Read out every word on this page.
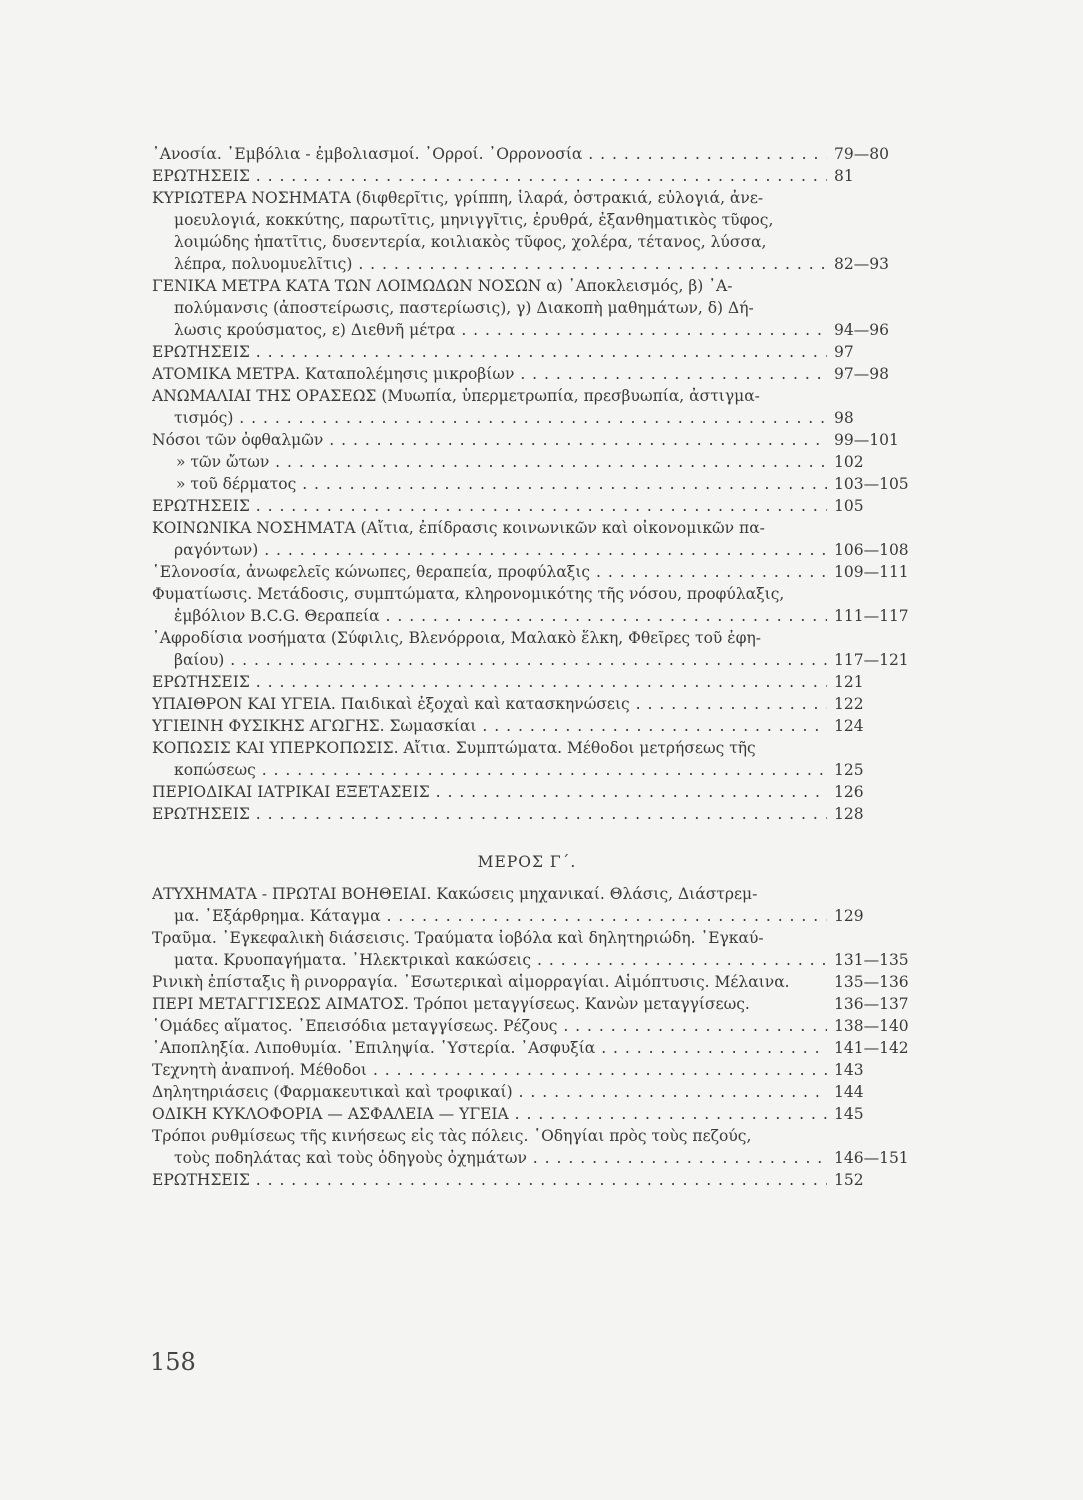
᾿Ανοσία. ᾿Εμβόλια - ἐμβολιασμοί. ᾿Ορροί. ᾿Ορρονοσία . . .	79—80
ΕΡΩΤΗΣΕΙΣ . . .	81
ΚΥΡΙΩΤΕΡΑ ΝΟΣΗΜΑΤΑ (διφθερῖτις, γρίππη, ἱλαρά, ὀστρακιά, εὐλογιά, ἀνε-
μοευλογιά, κοκκύτης, παρωτῖτις, μηνιγγῖτις, ἐρυθρά, ἐξανθηματικὸς τῦφος,
λοιμώδης ἡπατῖτις, δυσεντερία, κοιλιακὸς τῦφος, χολέρα, τέτανος, λύσσα,
λέπρα, πολυομυελῖτις) . . .	82—93
ΓΕΝΙΚΑ ΜΕΤΡΑ ΚΑΤΑ ΤΩΝ ΛΟΙΜΩΔΩΝ ΝΟΣΩΝ α) ᾿Αποκλεισμός, β) ᾿Α-
πολύμανσις (ἀποστείρωσις, παστερίωσις), γ) Διακοπὴ μαθημάτων, δ) Δή-
λωσις κρούσματος, ε) Διεθνῆ μέτρα . . .	94—96
ΕΡΩΤΗΣΕΙΣ . . .	97
ΑΤΟΜΙΚΑ ΜΕΤΡΑ. Καταπολέμησις μικροβίων . . .	97—98
ΑΝΩΜΑΛΙΑΙ ΤΗΣ ΟΡΑΣΕΩΣ (Μυωπία, ὑπερμετρωπία, πρεσβυωπία, ἀστιγμα-
τισμός) . . .	98
Νόσοι τῶν ὀφθαλμῶν . . .	99—101
» τῶν ὤτων . . .	102
» τοῦ δέρματος . . .	103—105
ΕΡΩΤΗΣΕΙΣ . . .	105
ΚΟΙΝΩΝΙΚΑ ΝΟΣΗΜΑΤΑ (Αἴτια, ἐπίδρασις κοινωνικῶν καὶ οἰκονομικῶν πα-
ραγόντων) . . .	106—108
῾Ελονοσία, ἀνωφελεῖς κώνωπες, θεραπεία, προφύλαξις . . .	109—111
Φυματίωσις. Μετάδοσις, συμπτώματα, κληρονομικότης τῆς νόσου, προφύλαξις,
ἐμβόλιον B.C.G. Θεραπεία . . .	111—117
᾿Αφροδίσια νοσήματα (Σύφιλις, Βλενόρροια, Μαλακὸ ἕλκη, Φθεῖρες τοῦ ἐφη-
βαίου) . . .	117—121
ΕΡΩΤΗΣΕΙΣ . . .	121
ΥΠΑΙΘΡΟΝ ΚΑΙ ΥΓΕΙΑ. Παιδικαὶ ἐξοχαὶ καὶ κατασκηνώσεις . . .	122
ΥΓΙΕΙΝΗ ΦΥΣΙΚΗΣ ΑΓΩΓΗΣ. Σωμασκίαι . . .	124
ΚΟΠΩΣΙΣ ΚΑΙ ΥΠΕΡΚΟΠΩΣΙΣ. Αἴτια. Συμπτώματα. Μέθοδοι μετρήσεως τῆς
κοπώσεως . . .	125
ΠΕΡΙΟΔΙΚΑΙ ΙΑΤΡΙΚΑΙ ΕΞΕΤΑΣΕΙΣ . . .	126
ΕΡΩΤΗΣΕΙΣ . . .	128
ΜΕΡΟΣ Γ΄.
ΑΤΥΧΗΜΑΤΑ - ΠΡΩΤΑΙ ΒΟΗΘΕΙΑΙ. Κακώσεις μηχανικαί. Θλάσις, Διάστρεμ-
μα. ᾿Εξάρθρημα. Κάταγμα . . .	129
Τραῦμα. ᾿Εγκεφαλικὴ διάσεισις. Τραύματα ἰοβόλα καὶ δηλητηριώδη. ᾿Εγκαύ-
ματα. Κρυοπαγήματα. ᾿Ηλεκτρικαὶ κακώσεις . . .	131—135
Ρινικὴ ἐπίσταξις ἢ ρινορραγία. ᾿Εσωτερικαὶ αἱμορραγίαι. Αἱμόπτυσις. Μέλαινα.	135—136
ΠΕΡΙ ΜΕΤΑΓΓΙΣΕΩΣ ΑΙΜΑΤΟΣ. Τρόποι μεταγγίσεως. Κανὼν μεταγγίσεως.	136—137
῾Ομάδες αἵματος. ᾿Επεισόδια μεταγγίσεως. Ρέζους . . .	138—140
᾿Αποπληξία. Λιποθυμία. ᾿Επιληψία. ῾Υστερία. ᾿Ασφυξία . . .	141—142
Τεχνητὴ ἀναπνοή. Μέθοδοι . . .	143
Δηλητηριάσεις (Φαρμακευτικαὶ καὶ τροφικαί) . . .	144
ΟΔΙΚΗ ΚΥΚΛΟΦΟΡΙΑ — ΑΣΦΑΛΕΙΑ — ΥΓΕΙΑ . . .	145
Τρόποι ρυθμίσεως τῆς κινήσεως εἰς τὰς πόλεις. ῾Οδηγίαι πρὸς τοὺς πεζούς,
τοὺς ποδηλάτας καὶ τοὺς ὁδηγοὺς ὀχημάτων . . .	146—151
ΕΡΩΤΗΣΕΙΣ . . .	152
158
